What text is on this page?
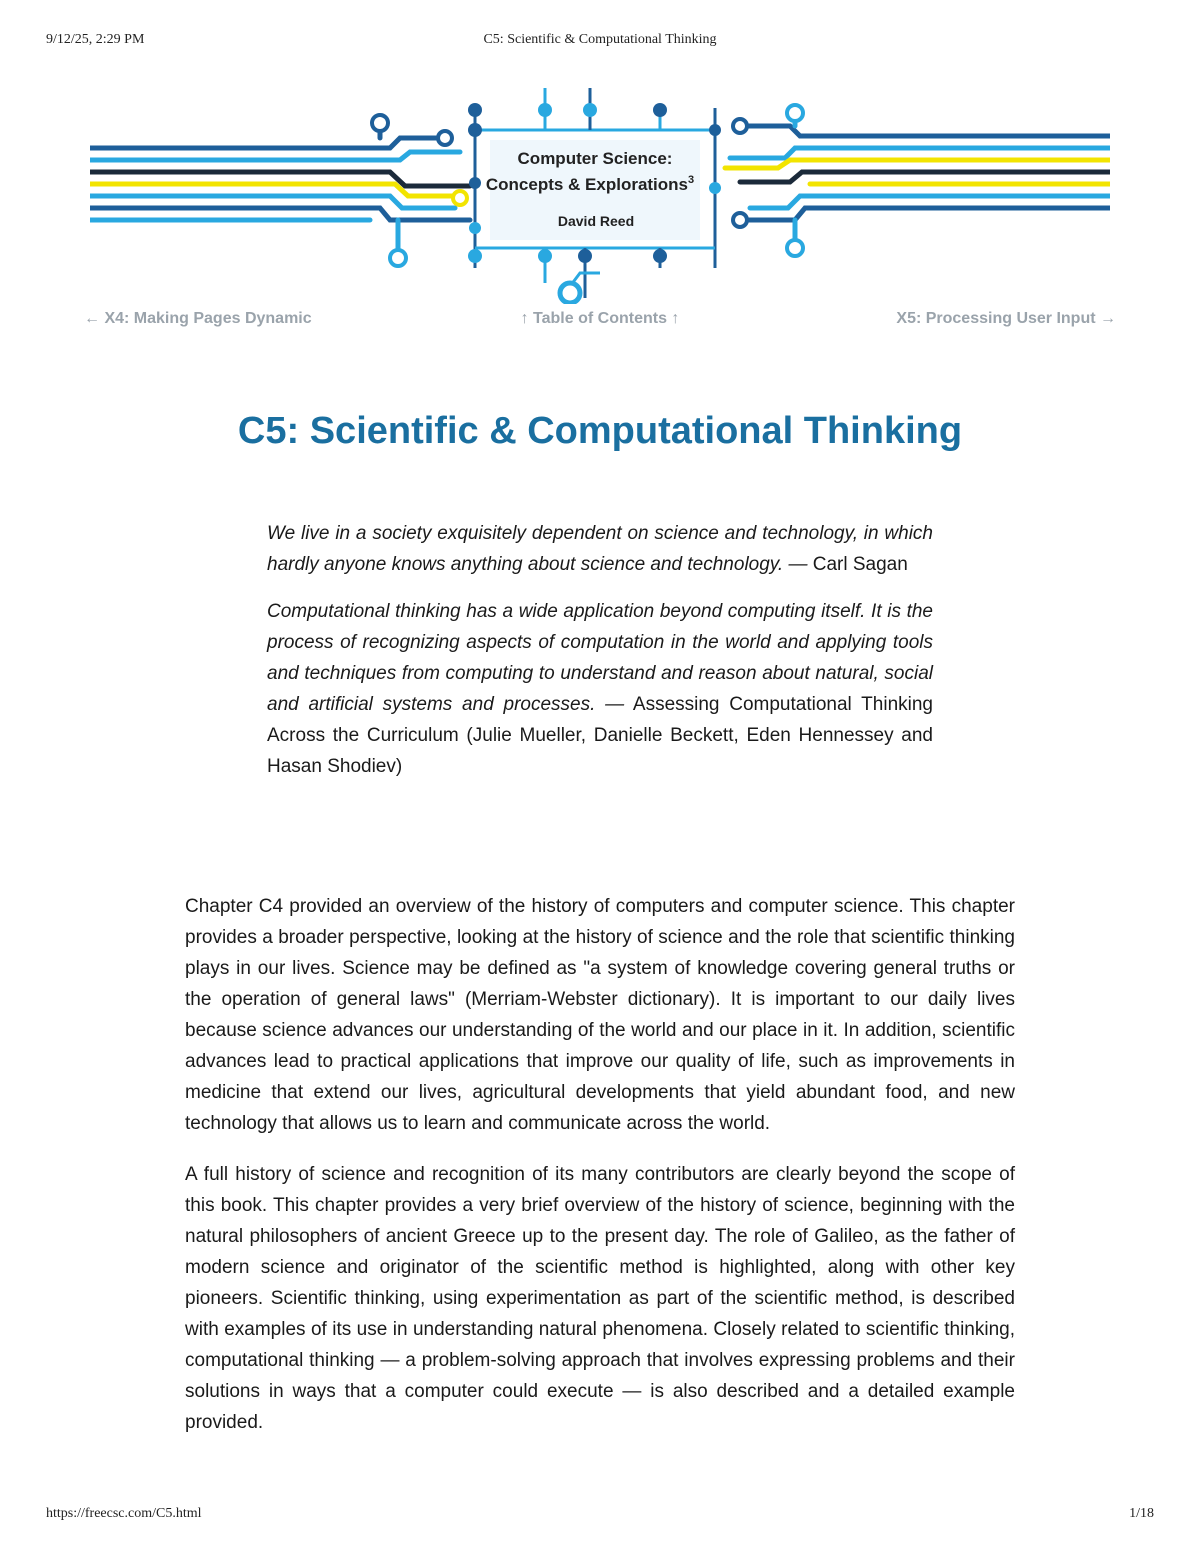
9/12/25, 2:29 PM	C5: Scientific & Computational Thinking
Computer Science:
Concepts & Explorations$^3$
David Reed
← X4: Making Pages Dynamic	↑ Table of Contents ↑	X5: Processing User Input →
C5: Scientific & Computational Thinking

We live in a society exquisitely dependent on science and technology, in which hardly anyone knows anything about science and technology. — Carl Sagan

Computational thinking has a wide application beyond computing itself. It is the process of recognizing aspects of computation in the world and applying tools and techniques from computing to understand and reason about natural, social and artificial systems and processes. — Assessing Computational Thinking Across the Curriculum (Julie Mueller, Danielle Beckett, Eden Hennessey and Hasan Shodiev)

Chapter C4 provided an overview of the history of computers and computer science. This chapter provides a broader perspective, looking at the history of science and the role that scientific thinking plays in our lives. Science may be defined as "a system of knowledge covering general truths or the operation of general laws" (Merriam-Webster dictionary). It is important to our daily lives because science advances our understanding of the world and our place in it. In addition, scientific advances lead to practical applications that improve our quality of life, such as improvements in medicine that extend our lives, agricultural developments that yield abundant food, and new technology that allows us to learn and communicate across the world.

A full history of science and recognition of its many contributors are clearly beyond the scope of this book. This chapter provides a very brief overview of the history of science, beginning with the natural philosophers of ancient Greece up to the present day. The role of Galileo, as the father of modern science and originator of the scientific method is highlighted, along with other key pioneers. Scientific thinking, using experimentation as part of the scientific method, is described with examples of its use in understanding natural phenomena. Closely related to scientific thinking, computational thinking — a problem-solving approach that involves expressing problems and their solutions in ways that a computer could execute — is also described and a detailed example provided.

https://freecsc.com/C5.html	1/18
